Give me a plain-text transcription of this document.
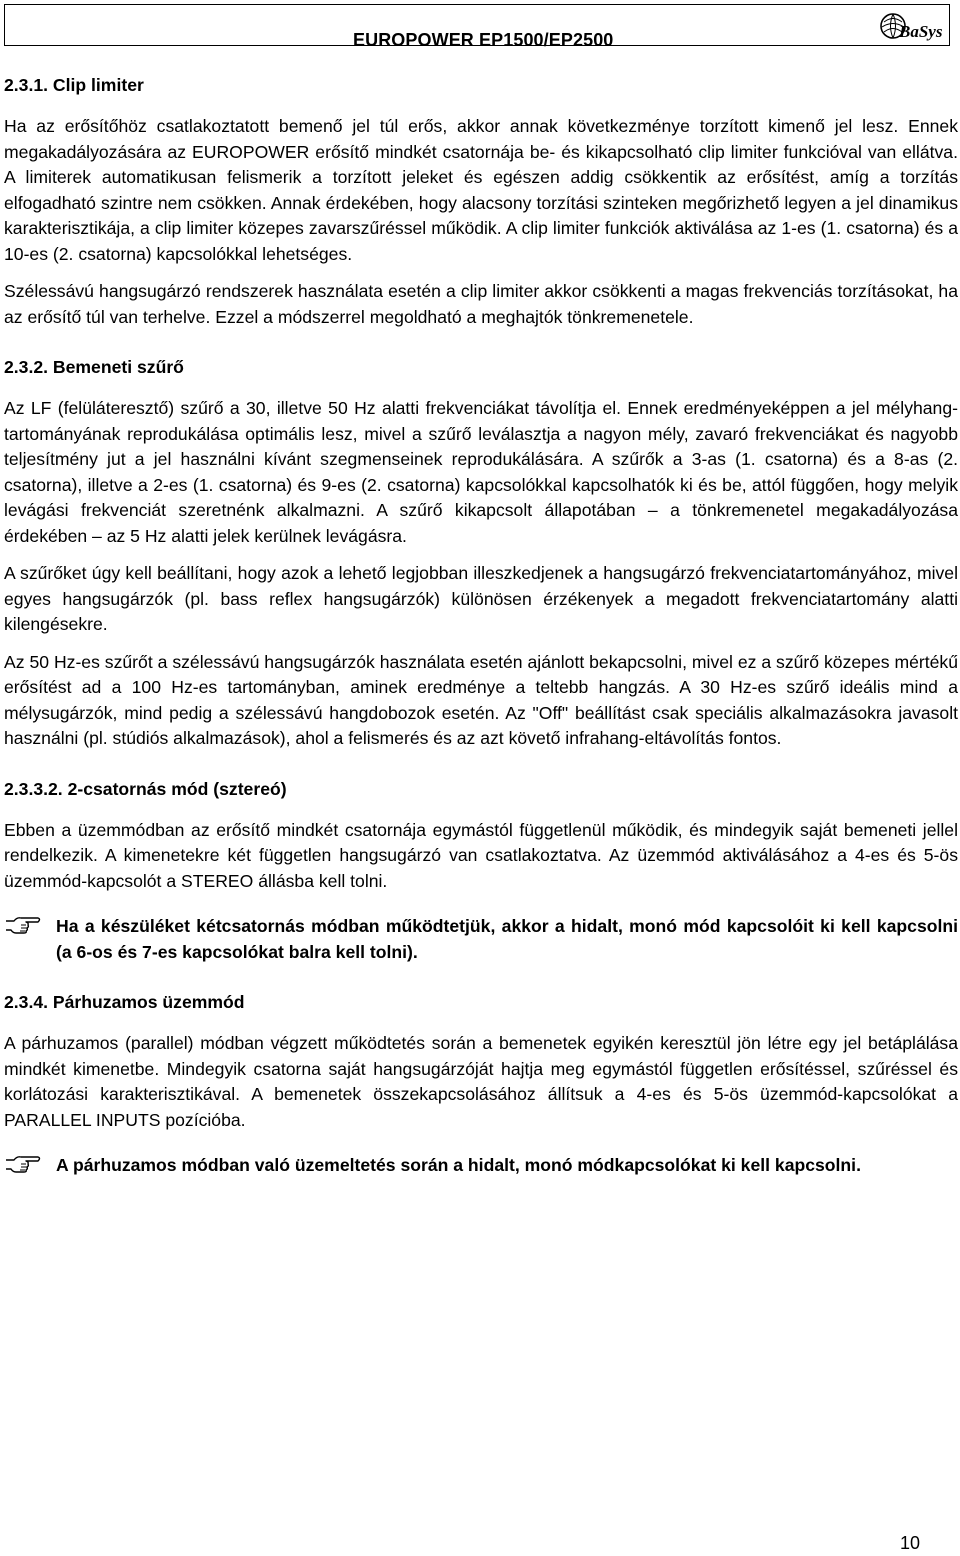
EUROPOWER EP1500/EP2500	BaSys

2.3.1. Clip limiter

Ha az erősítőhöz csatlakoztatott bemenő jel túl erős, akkor annak következménye torzított kimenő jel lesz. Ennek megakadályozására az EUROPOWER erősítő mindkét csatornája be- és kikapcsolható clip limiter funkcióval van ellátva. A limiterek automatikusan felismerik a torzított jeleket és egészen addig csökkentik az erősítést, amíg a torzítás elfogadható szintre nem csökken. Annak érdekében, hogy alacsony torzítási szinteken megőrizhető legyen a jel dinamikus karakterisztikája, a clip limiter közepes zavarszűréssel működik. A clip limiter funkciók aktiválása az 1-es (1. csatorna) és a 10-es (2. csatorna) kapcsolókkal lehetséges.

Szélessávú hangsugárzó rendszerek használata esetén a clip limiter akkor csökkenti a magas frekvenciás torzításokat, ha az erősítő túl van terhelve. Ezzel a módszerrel megoldható a meghajtók tönkremenetele.

2.3.2. Bemeneti szűrő

Az LF (felüláteresztő) szűrő a 30, illetve 50 Hz alatti frekvenciákat távolítja el. Ennek eredményeképpen a jel mélyhang-tartományának reprodukálása optimális lesz, mivel a szűrő leválasztja a nagyon mély, zavaró frekvenciákat és nagyobb teljesítmény jut a jel használni kívánt szegmenseinek reprodukálására. A szűrők a 3-as (1. csatorna) és a 8-as (2. csatorna), illetve a 2-es (1. csatorna) és 9-es (2. csatorna) kapcsolókkal kapcsolhatók ki és be, attól függően, hogy melyik levágási frekvenciát szeretnénk alkalmazni. A szűrő kikapcsolt állapotában – a tönkremenetel megakadályozása érdekében – az 5 Hz alatti jelek kerülnek levágásra.

A szűrőket úgy kell beállítani, hogy azok a lehető legjobban illeszkedjenek a hangsugárzó frekvenciatartományához, mivel egyes hangsugárzók (pl. bass reflex hangsugárzók) különösen érzékenyek a megadott frekvenciatartomány alatti kilengésekre.

Az 50 Hz-es szűrőt a szélessávú hangsugárzók használata esetén ajánlott bekapcsolni, mivel ez a szűrő közepes mértékű erősítést ad a 100 Hz-es tartományban, aminek eredménye a teltebb hangzás. A 30 Hz-es szűrő ideális mind a mélysugárzók, mind pedig a szélessávú hangdobozok esetén. Az "Off" beállítást csak speciális alkalmazásokra javasolt használni (pl. stúdiós alkalmazások), ahol a felismerés és az azt követő infrahang-eltávolítás fontos.

2.3.3.2. 2-csatornás mód (sztereó)

Ebben a üzemmódban az erősítő mindkét csatornája egymástól függetlenül működik, és mindegyik saját bemeneti jellel rendelkezik. A kimenetekre két független hangsugárzó van csatlakoztatva. Az üzemmód aktiválásához a 4-es és 5-ös üzemmód-kapcsolót a STEREO állásba kell tolni.

Ha a készüléket kétcsatornás módban működtetjük, akkor a hidalt, monó mód kapcsolóit ki kell kapcsolni (a 6-os és 7-es kapcsolókat balra kell tolni).

2.3.4. Párhuzamos üzemmód

A párhuzamos (parallel) módban végzett működtetés során a bemenetek egyikén keresztül jön létre egy jel betáplálása mindkét kimenetbe. Mindegyik csatorna saját hangsugárzóját hajtja meg egymástól független erősítéssel, szűréssel és korlátozási karakterisztikával. A bemenetek összekapcsolásához állítsuk a 4-es és 5-ös üzemmód-kapcsolókat a PARALLEL INPUTS pozícióba.

A párhuzamos módban való üzemeltetés során a hidalt, monó módkapcsolókat ki kell kapcsolni.
10
